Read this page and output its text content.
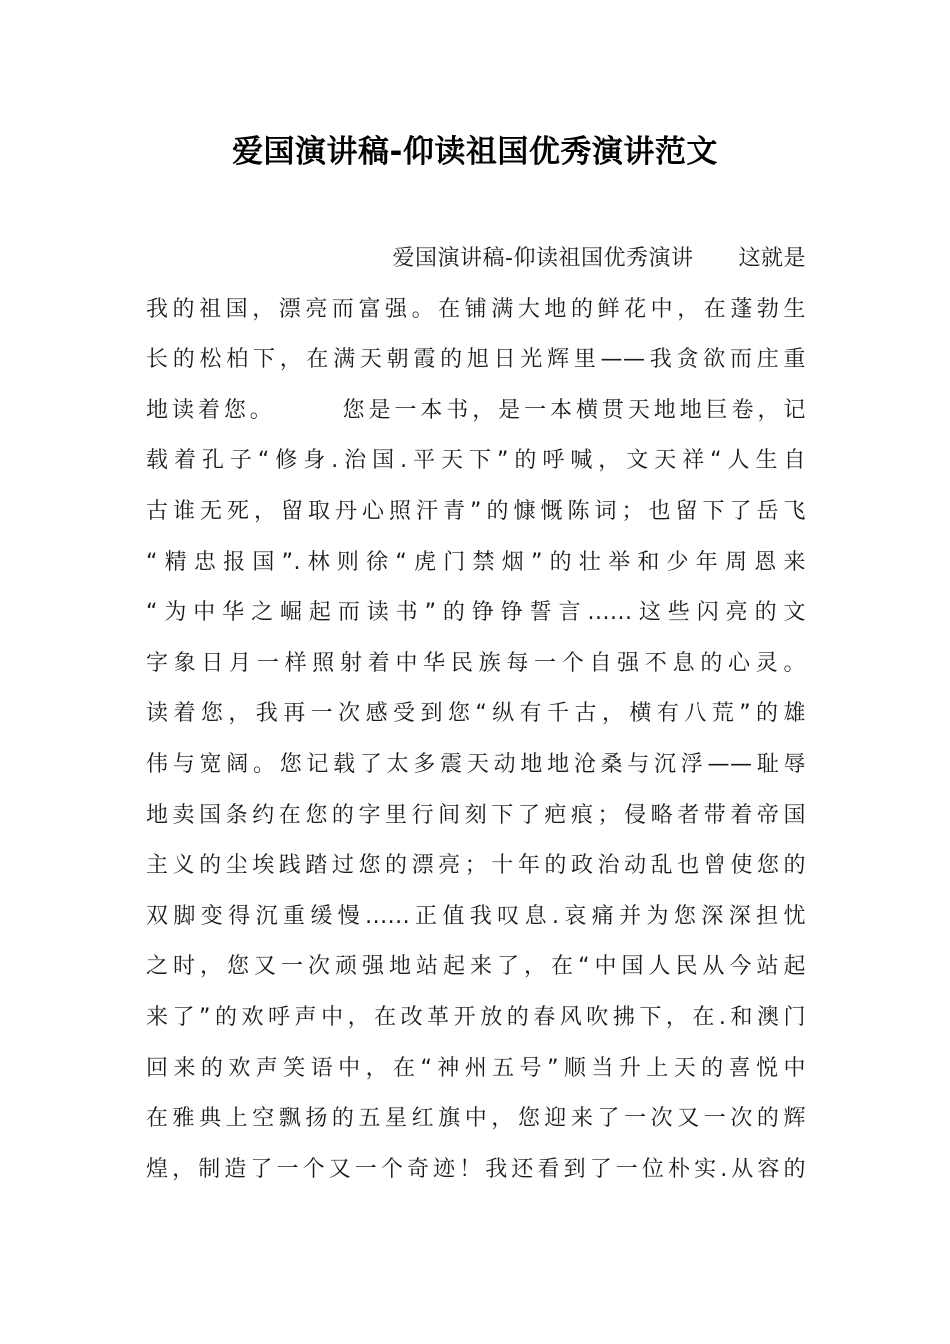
爱国演讲稿-仰读祖国优秀演讲范文
爱国演讲稿-仰读祖国优秀演讲　　这就是
我的祖国，漂亮而富强。在铺满大地的鲜花中，在蓬勃生
长的松柏下，在满天朝霞的旭日光辉里——我贪欲而庄重
地读着您。　　　您是一本书，是一本横贯天地地巨卷，记
载着孔子“修身.治国.平天下”的呼喊，文天祥“人生自
古谁无死，留取丹心照汗青”的慷慨陈词；也留下了岳飞
“精忠报国”.林则徐“虎门禁烟”的壮举和少年周恩来
“为中华之崛起而读书”的铮铮誓言......这些闪亮的文
字象日月一样照射着中华民族每一个自强不息的心灵。
读着您，我再一次感受到您“纵有千古，横有八荒”的雄
伟与宽阔。您记载了太多震天动地地沧桑与沉浮——耻辱
地卖国条约在您的字里行间刻下了疤痕；侵略者带着帝国
主义的尘埃践踏过您的漂亮；十年的政治动乱也曾使您的
双脚变得沉重缓慢......正值我叹息.哀痛并为您深深担忧
之时，您又一次顽强地站起来了，在“中国人民从今站起
来了”的欢呼声中，在改革开放的春风吹拂下，在.和澳门
回来的欢声笑语中，在“神州五号”顺当升上天的喜悦中
在雅典上空飘扬的五星红旗中，您迎来了一次又一次的辉
煌，制造了一个又一个奇迹！我还看到了一位朴实.从容的
